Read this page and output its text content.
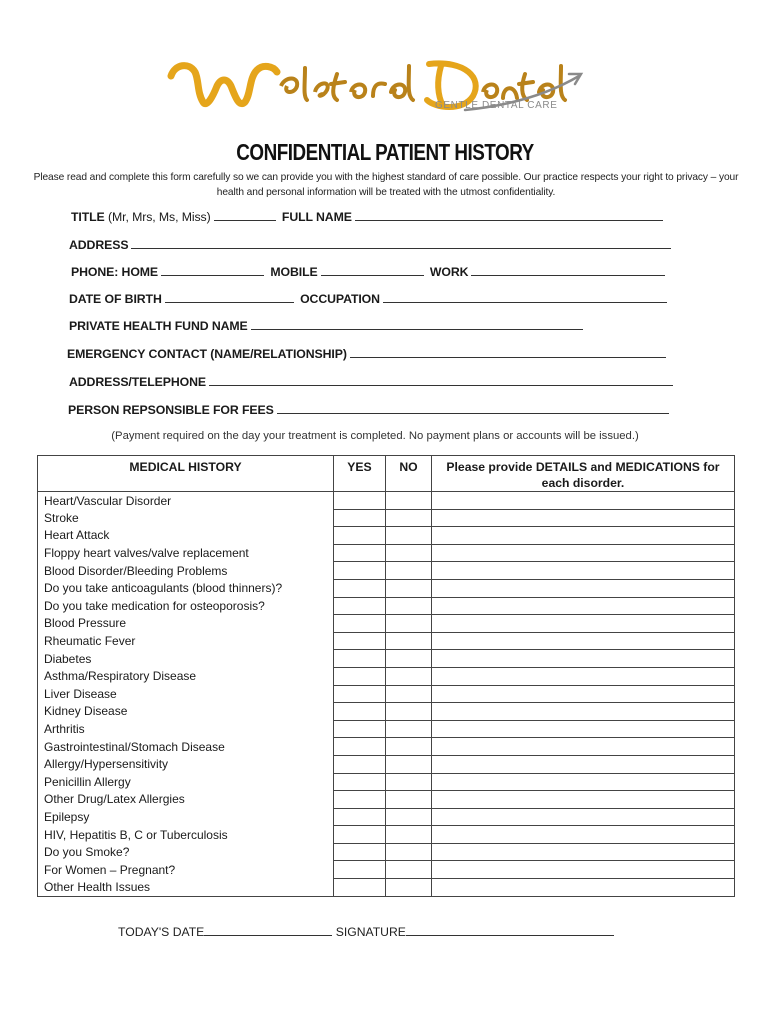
GENTLE DENTAL CARE
CONFIDENTIAL PATIENT HISTORY
Please read and complete this form carefully so we can provide you with the highest standard of care possible. Our practice respects your right to privacy – your health and personal information will be treated with the utmost confidentiality.
TITLE (Mr, Mrs, Ms, Miss)	FULL NAME
ADDRESS
PHONE: HOME	MOBILE	WORK
DATE OF BIRTH	OCCUPATION
PRIVATE HEALTH FUND NAME
EMERGENCY CONTACT (NAME/RELATIONSHIP)
ADDRESS/TELEPHONE
PERSON REPSONSIBLE FOR FEES
(Payment required on the day your treatment is completed. No payment plans or accounts will be issued.)
MEDICAL HISTORY	YES	NO	Please provide DETAILS and MEDICATIONS for each disorder.
Heart/Vascular Disorder			
Stroke			
Heart Attack			
Floppy heart valves/valve replacement			
Blood Disorder/Bleeding Problems			
Do you take anticoagulants (blood thinners)?			
Do you take medication for osteoporosis?			
Blood Pressure			
Rheumatic Fever			
Diabetes			
Asthma/Respiratory Disease			
Liver Disease			
Kidney Disease			
Arthritis			
Gastrointestinal/Stomach Disease			
Allergy/Hypersensitivity			
Penicillin Allergy			
Other Drug/Latex Allergies			
Epilepsy			
HIV, Hepatitis B, C or Tuberculosis			
Do you Smoke?			
For Women – Pregnant?			
Other Health Issues			
TODAY'S DATE	SIGNATURE
